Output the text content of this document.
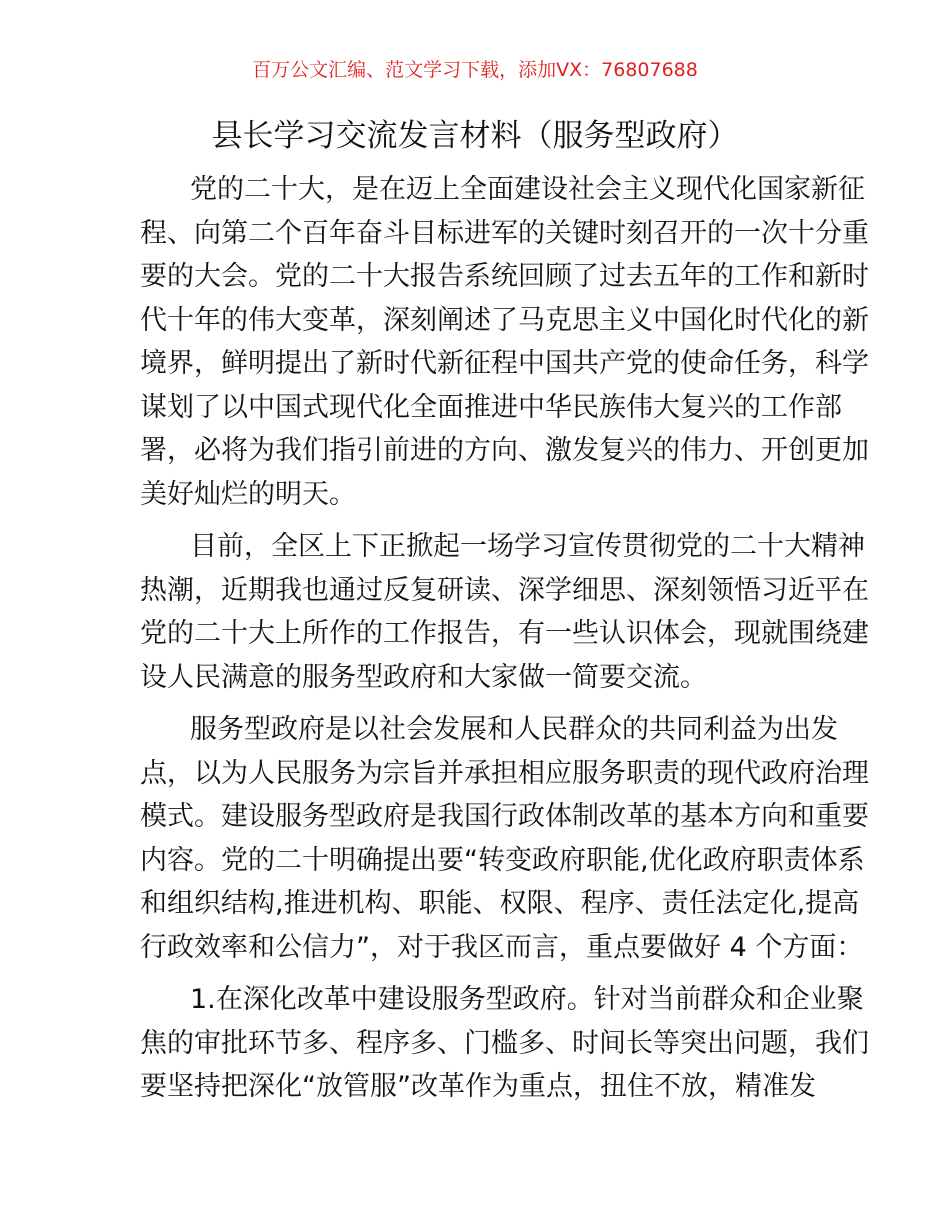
百万公文汇编、范文学习下载，添加VX：76807688
县长学习交流发言材料（服务型政府）
党的二十大，是在迈上全面建设社会主义现代化国家新征
程、向第二个百年奋斗目标进军的关键时刻召开的一次十分重
要的大会。党的二十大报告系统回顾了过去五年的工作和新时
代十年的伟大变革，深刻阐述了马克思主义中国化时代化的新
境界，鲜明提出了新时代新征程中国共产党的使命任务，科学
谋划了以中国式现代化全面推进中华民族伟大复兴的工作部
署，必将为我们指引前进的方向、激发复兴的伟力、开创更加
美好灿烂的明天。
目前，全区上下正掀起一场学习宣传贯彻党的二十大精神
热潮，近期我也通过反复研读、深学细思、深刻领悟习近平在
党的二十大上所作的工作报告，有一些认识体会，现就围绕建
设人民满意的服务型政府和大家做一简要交流。
服务型政府是以社会发展和人民群众的共同利益为出发
点，以为人民服务为宗旨并承担相应服务职责的现代政府治理
模式。建设服务型政府是我国行政体制改革的基本方向和重要
内容。党的二十明确提出要“转变政府职能,优化政府职责体系
和组织结构,推进机构、职能、权限、程序、责任法定化,提高
行政效率和公信力”，对于我区而言，重点要做好 4 个方面：
1.在深化改革中建设服务型政府。针对当前群众和企业聚
焦的审批环节多、程序多、门槛多、时间长等突出问题，我们
要坚持把深化“放管服”改革作为重点，扭住不放，精准发
